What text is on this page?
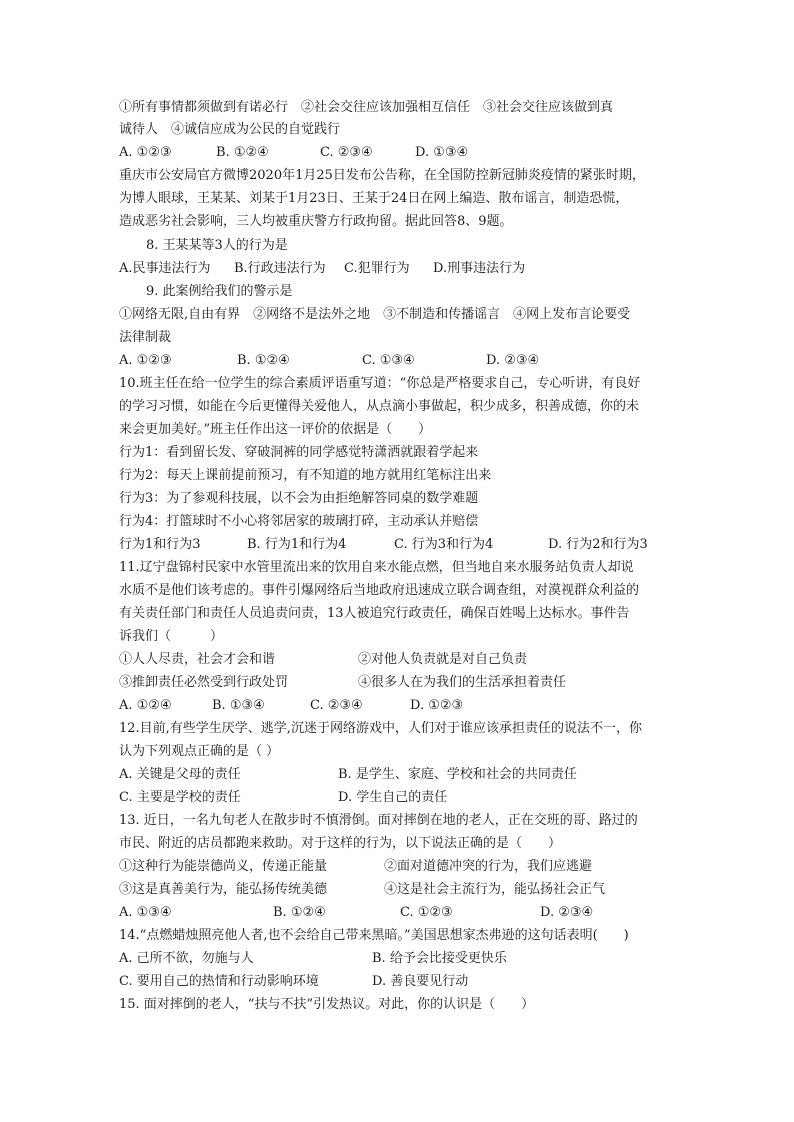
①所有事情都须做到有诺必行　②社会交往应该加强相互信任　③社会交往应该做到真
诚待人　④诚信应成为公民的自觉践行
A. ①②③	B. ①②④	C. ②③④	D. ①③④
重庆市公安局官方微博2020年1月25日发布公告称，在全国防控新冠肺炎疫情的紧张时期，
为博人眼球，王某某、刘某于1月23日、王某于24日在网上编造、散布谣言，制造恐慌，
造成恶劣社会影响，三人均被重庆警方行政拘留。据此回答8、9题。
8. 王某某等3人的行为是
A.民事违法行为 B.行政违法行为 C.犯罪行为 D.刑事违法行为
9. 此案例给我们的警示是
①网络无限,自由有界　②网络不是法外之地　③不制造和传播谣言　④网上发布言论要受
法律制裁
A. ①②③	B. ①②④	C. ①③④	D. ②③④
10.班主任在给一位学生的综合素质评语重写道：“你总是严格要求自己，专心听讲，有良好
的学习习惯，如能在今后更懂得关爱他人，从点滴小事做起，积少成多，积善成德，你的未
来会更加美好。”班主任作出这一评价的依据是（　　）
行为1：看到留长发、穿破洞裤的同学感觉特潇洒就跟着学起来
行为2：每天上课前提前预习，有不知道的地方就用红笔标注出来
行为3：为了参观科技展，以不会为由拒绝解答同桌的数学难题
行为4：打篮球时不小心将邻居家的玻璃打碎，主动承认并赔偿
行为1和行为3	B. 行为1和行为4	C. 行为3和行为4	D. 行为2和行为3
11.辽宁盘锦村民家中水管里流出来的饮用自来水能点燃，但当地自来水服务站负责人却说
水质不是他们该考虑的。事件引爆网络后当地政府迅速成立联合调查组，对漠视群众利益的
有关责任部门和责任人员追责问责，13人被追究行政责任，确保百姓喝上达标水。事件告
诉我们（　　　）
①人人尽责，社会才会和谐	②对他人负责就是对自己负责
③推卸责任必然受到行政处罚	④很多人在为我们的生活承担着责任
A. ①②④	B. ①③④	C. ②③④	D. ①②③
12.目前,有些学生厌学、逃学,沉迷于网络游戏中，人们对于谁应该承担责任的说法不一，你
认为下列观点正确的是（ ）
A. 关键是父母的责任	B. 是学生、家庭、学校和社会的共同责任
C. 主要是学校的责任	D. 学生自己的责任
13. 近日，一名九旬老人在散步时不慎滑倒。面对摔倒在地的老人，正在交班的哥、路过的
市民、附近的店员都跑来救助。对于这样的行为，以下说法正确的是（　　）
①这种行为能崇德尚义，传递正能量	②面对道德冲突的行为，我们应逃避
③这是真善美行为，能弘扬传统美德	④这是社会主流行为，能弘扬社会正气
A. ①③④	B. ①②④	C. ①②③	D. ②③④
14.“点燃蜡烛照亮他人者,也不会给自己带来黑暗。”美国思想家杰弗逊的这句话表明(　　)
A. 己所不欲，勿施与人	B. 给予会比接受更快乐
C. 要用自己的热情和行动影响环境	D. 善良要见行动
15. 面对摔倒的老人，“扶与不扶”引发热议。对此，你的认识是（　　）
